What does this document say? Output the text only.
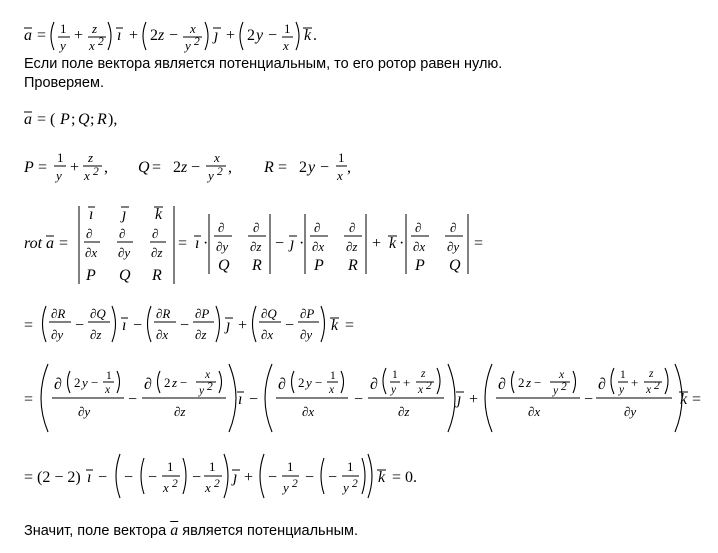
a = 1
y
+ z
x 2 ı + 2 z − x
y 2 ȷ + 2 y − 1
x
k .
Если поле вектора является потенциальным, то его ротор равен нулю.
Проверяем.
a = ( P ; Q ; R ),
P =
1
y +
z
x 2 , Q = 2 z −
x
y 2 , R = 2 y −
1
x ,
rot a =
ı ȷ k
∂
∂x
∂
∂y
∂
∂z
P Q R
= ı ·
∂
∂y
∂
∂z
Q R
− ȷ ·
∂
∂x
∂
∂z
P R
+ k ·
∂
∂x
∂
∂y
P Q
=
=
∂R
∂y
−
∂Q
∂z
ı −
∂R
∂x
−
∂P
∂z
ȷ +
∂Q
∂x
−
∂P
∂y
k =
=
∂ 2 y − 1
x
∂y
−
∂ 2 z − x
y 2
∂z
ı −
∂ 2 y − 1
x
∂x
−
∂
1
y +
z
x 2
∂z
ȷ +
∂ 2 z − x
y 2
∂x
−
∂
1
y +
z
x 2
∂y
k =
= (2 − 2) ı − − −
1
x 2 −
1
x 2 ȷ + −
1
y 2 − −
1
y 2 k = 0.
Значит, поле вектора $\overline{a}$ является потенциальным.
